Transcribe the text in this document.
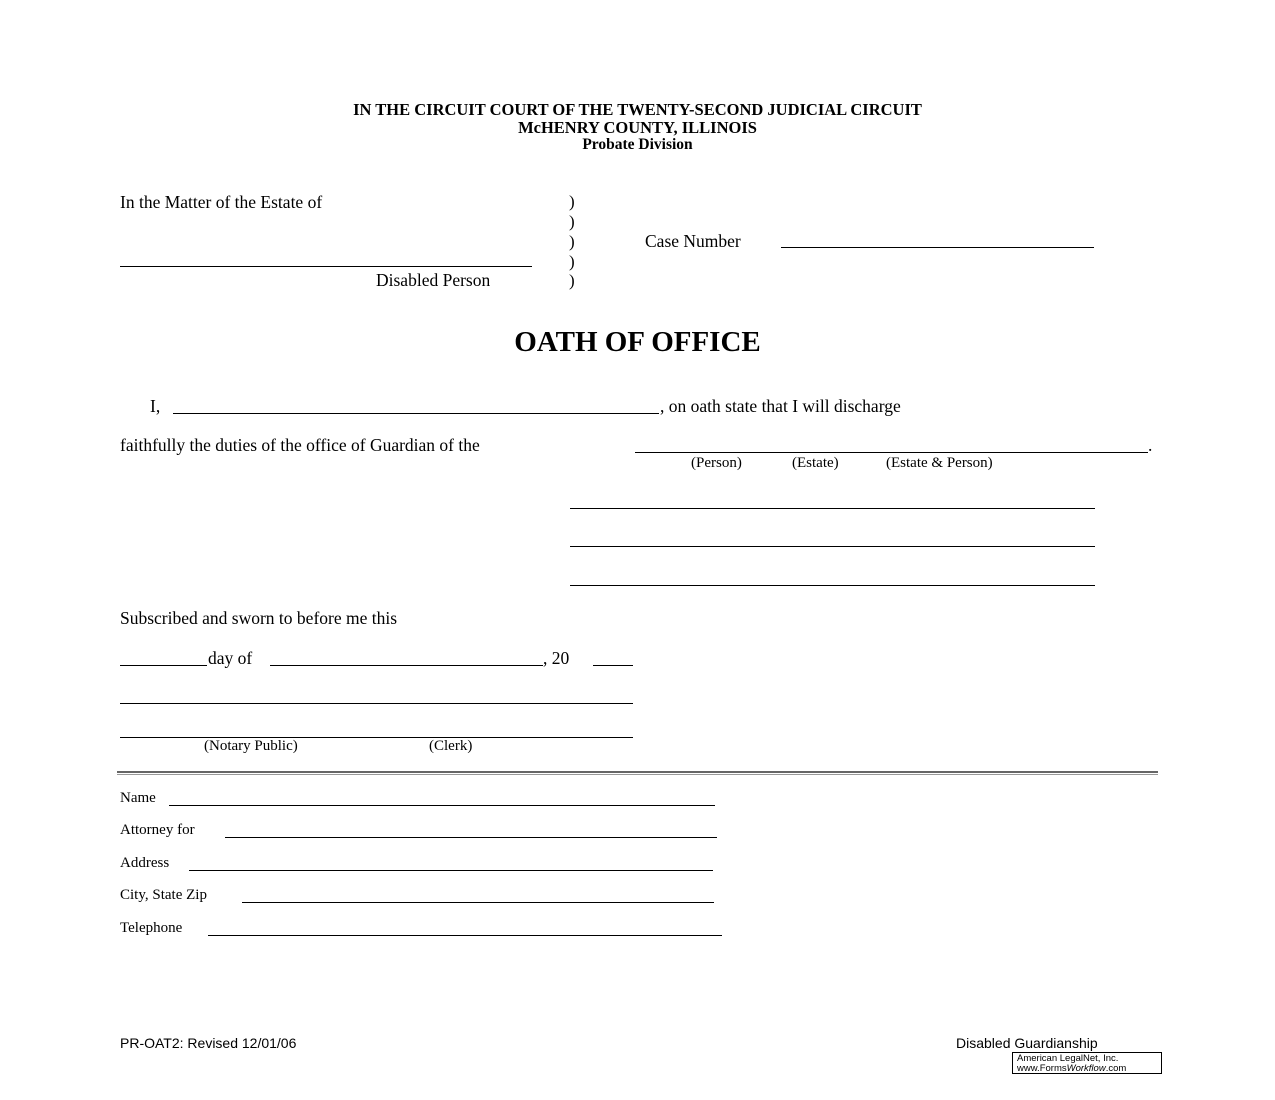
IN THE CIRCUIT COURT OF THE TWENTY-SECOND JUDICIAL CIRCUIT
McHENRY COUNTY, ILLINOIS
Probate Division
In the Matter of the Estate of
Disabled Person
)
)
)
)
)
Case Number
OATH OF OFFICE
I,	, on oath state that I will discharge
faithfully the duties of the office of Guardian of the	.
(Person)	(Estate)	(Estate & Person)
Subscribed and sworn to before me this
day of	, 20
(Notary Public)	(Clerk)
Name
Attorney for
Address
City, State Zip
Telephone
PR-OAT2: Revised 12/01/06	Disabled Guardianship
American LegalNet, Inc.
www.FormsWorkflow.com
